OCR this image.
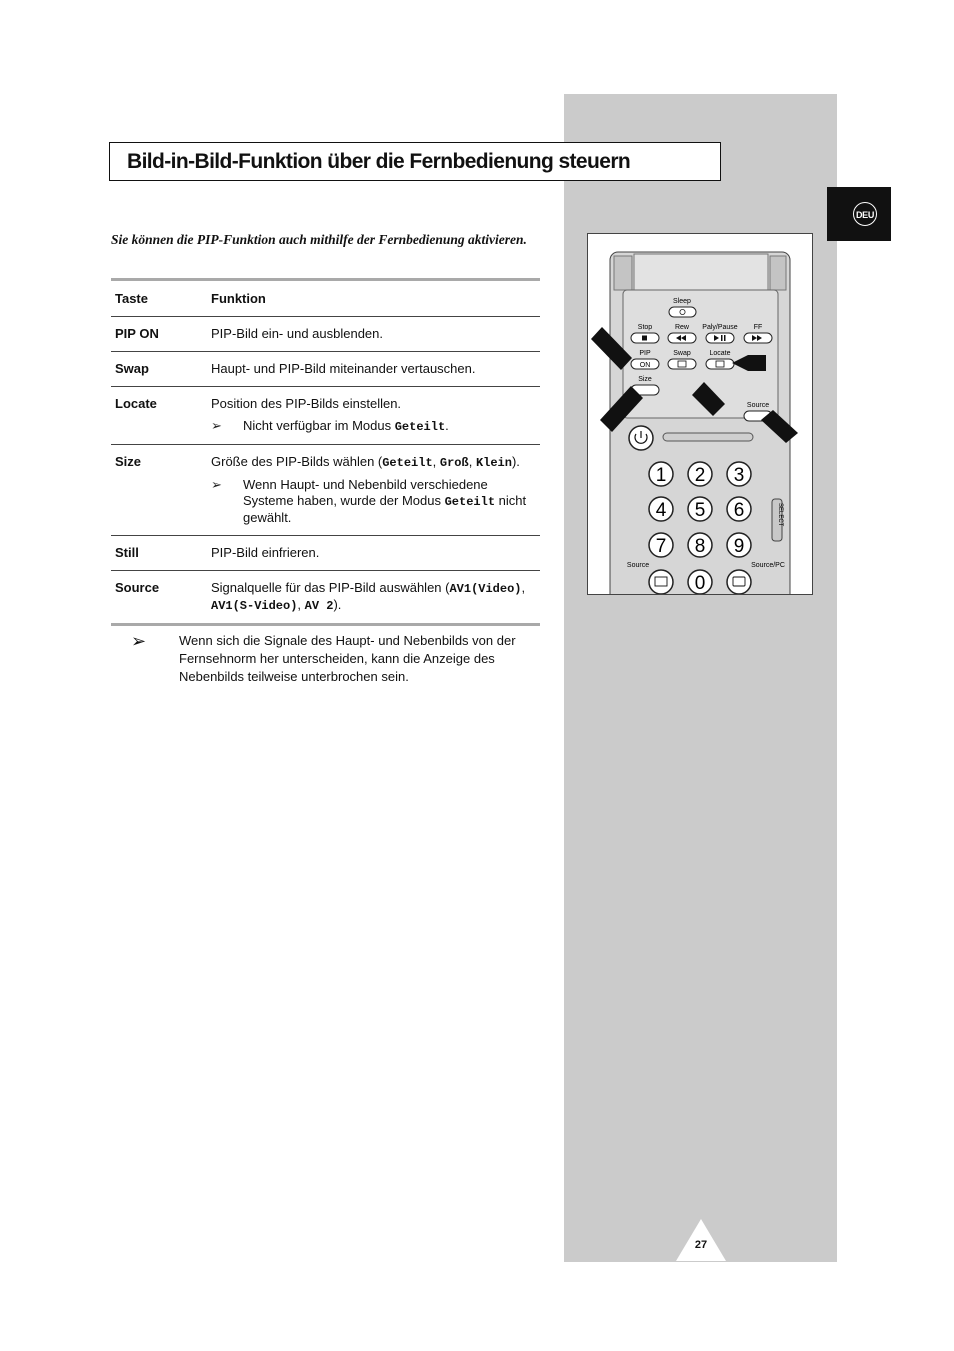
DEU
Bild-in-Bild-Funktion über die Fernbedienung steuern
Sie können die PIP-Funktion auch mithilfe der Fernbedienung aktivieren.
Taste	Funktion
PIP ON	PIP-Bild ein- und ausblenden.
Swap	Haupt- und PIP-Bild miteinander vertauschen.
Locate	Position des PIP-Bilds einstellen.
➢ Nicht verfügbar im Modus Geteilt.

Size	Größe des PIP-Bilds wählen (Geteilt, Groß, Klein).
➢ Wenn Haupt- und Nebenbild verschiedene Systeme haben, wurde der Modus Geteilt nicht gewählt.

Still	PIP-Bild einfrieren.
Source	Signalquelle für das PIP-Bild auswählen (AV1(Video), AV1(S-Video), AV 2).
➢	Wenn sich die Signale des Haupt- und Nebenbilds von der Fernsehnorm her unterscheiden, kann die Anzeige des Nebenbilds teilweise unterbrochen sein.
Sleep
Stop	Rew Paly/Pause FF
PIP	Swap	Locate
ON
Size
Source
1 2 3
4 5 6
7 8 9
SELECT
Source	Source/PC
0
27
